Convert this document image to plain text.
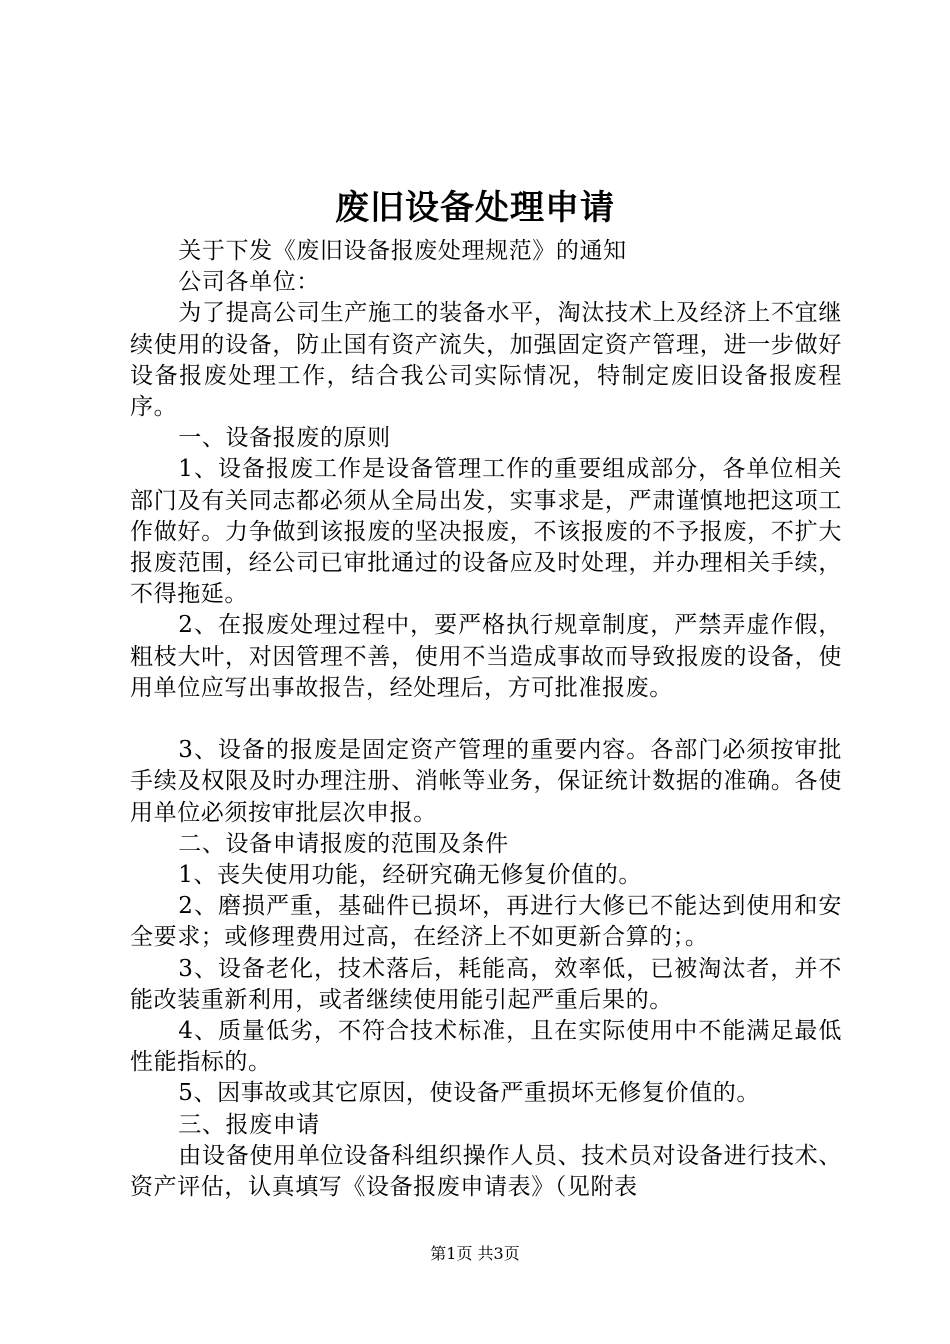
废旧设备处理申请

关于下发《废旧设备报废处理规范》的通知

公司各单位：

为了提高公司生产施工的装备水平，淘汰技术上及经济上不宜继续使用的设备，防止国有资产流失，加强固定资产管理，进一步做好设备报废处理工作，结合我公司实际情况，特制定废旧设备报废程序。

一、设备报废的原则

1、设备报废工作是设备管理工作的重要组成部分，各单位相关部门及有关同志都必须从全局出发，实事求是，严肃谨慎地把这项工作做好。力争做到该报废的坚决报废，不该报废的不予报废，不扩大报废范围，经公司已审批通过的设备应及时处理，并办理相关手续，不得拖延。

2、在报废处理过程中，要严格执行规章制度，严禁弄虚作假，粗枝大叶，对因管理不善，使用不当造成事故而导致报废的设备，使用单位应写出事故报告，经处理后，方可批准报废。

3、设备的报废是固定资产管理的重要内容。各部门必须按审批手续及权限及时办理注册、消帐等业务，保证统计数据的准确。各使用单位必须按审批层次申报。

二、设备申请报废的范围及条件

1、丧失使用功能，经研究确无修复价值的。

2、磨损严重，基础件已损坏，再进行大修已不能达到使用和安全要求；或修理费用过高，在经济上不如更新合算的；。

3、设备老化，技术落后，耗能高，效率低，已被淘汰者，并不能改装重新利用，或者继续使用能引起严重后果的。

4、质量低劣，不符合技术标准，且在实际使用中不能满足最低性能指标的。

5、因事故或其它原因，使设备严重损坏无修复价值的。

三、报废申请

由设备使用单位设备科组织操作人员、技术员对设备进行技术、资产评估，认真填写《设备报废申请表》（见附表

第1页 共3页
